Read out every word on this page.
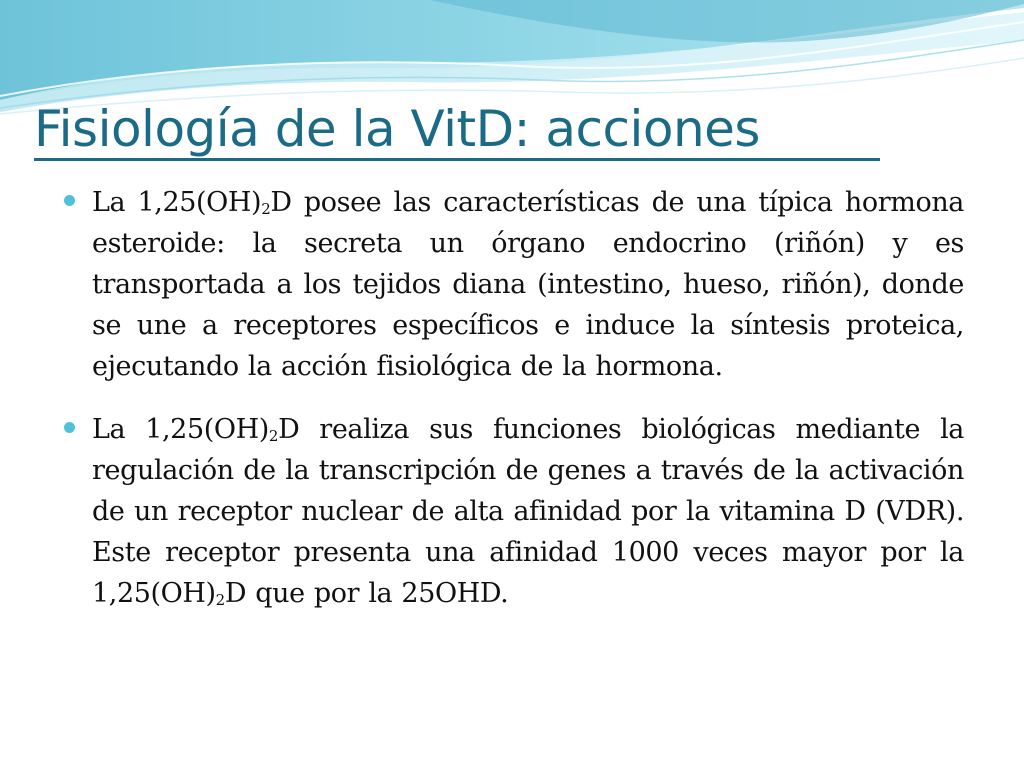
Fisiología de la VitD: acciones
La $1,25(OH)_2D$ posee las características de una típica hormona esteroide: la secreta un órgano endocrino (riñón) y es transportada a los tejidos diana (intestino, hueso, riñón), donde se une a receptores específicos e induce la síntesis proteica, ejecutando la acción fisiológica de la hormona.
La $1,25(OH)_2D$ realiza sus funciones biológicas mediante la regulación de la transcripción de genes a través de la activación de un receptor nuclear de alta afinidad por la vitamina D (VDR). Este receptor presenta una afinidad 1000 veces mayor por la $1,25(OH)_2D$ que por la 25OHD.
